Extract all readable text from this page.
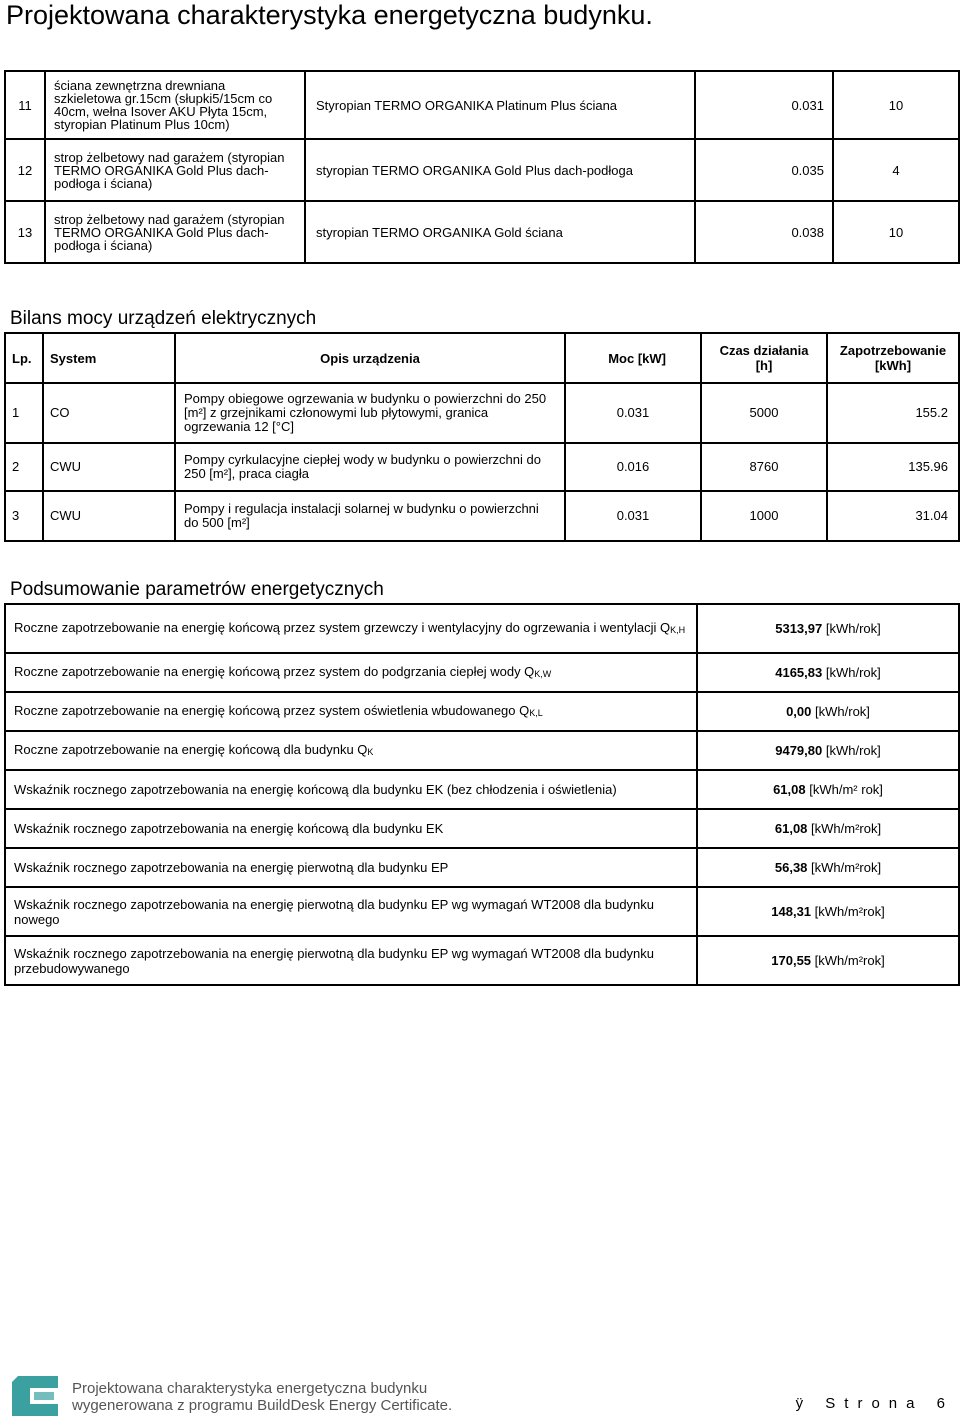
Projektowana charakterystyka energetyczna budynku.
11	ściana zewnętrzna drewniana szkieletowa gr.15cm (słupki5/15cm co 40cm, wełna Isover AKU Płyta 15cm, styropian Platinum Plus 10cm)	Styropian TERMO ORGANIKA Platinum Plus ściana	0.031	10
12	strop żelbetowy nad garażem (styropian TERMO ORGANIKA Gold Plus dach-podłoga i ściana)	styropian TERMO ORGANIKA Gold Plus dach-podłoga	0.035	4
13	strop żelbetowy nad garażem (styropian TERMO ORGANIKA Gold Plus dach-podłoga i ściana)	styropian TERMO ORGANIKA Gold ściana	0.038	10
Bilans mocy urządzeń elektrycznych
Lp.	System	Opis urządzenia	Moc [kW]	Czas działania [h]	Zapotrzebowanie [kWh]
1	CO	Pompy obiegowe ogrzewania w budynku o powierzchni do 250 [m²] z grzejnikami członowymi lub płytowymi, granica ogrzewania 12 [°C]	0.031	5000	155.2
2	CWU	Pompy cyrkulacyjne ciepłej wody w budynku o powierzchni do 250 [m²], praca ciagła	0.016	8760	135.96
3	CWU	Pompy i regulacja instalacji solarnej w budynku o powierzchni do 500 [m²]	0.031	1000	31.04
Podsumowanie parametrów energetycznych
Roczne zapotrzebowanie na energię końcową przez system grzewczy i wentylacyjny do ogrzewania i wentylacji $Q_{K,H}$	5313,97 [kWh/rok]
Roczne zapotrzebowanie na energię końcową przez system do podgrzania ciepłej wody $Q_{K,W}$	4165,83 [kWh/rok]
Roczne zapotrzebowanie na energię końcową przez system oświetlenia wbudowanego $Q_{K,L}$	0,00 [kWh/rok]
Roczne zapotrzebowanie na energię końcową dla budynku $Q_K$	9479,80 [kWh/rok]
Wskaźnik rocznego zapotrzebowania na energię końcową dla budynku EK (bez chłodzenia i oświetlenia)	61,08 [kWh/m² rok]
Wskaźnik rocznego zapotrzebowania na energię końcową dla budynku EK	61,08 [kWh/m²rok]
Wskaźnik rocznego zapotrzebowania na energię pierwotną dla budynku EP	56,38 [kWh/m²rok]
Wskaźnik rocznego zapotrzebowania na energię pierwotną dla budynku EP wg wymagań WT2008 dla budynku nowego	148,31 [kWh/m²rok]
Wskaźnik rocznego zapotrzebowania na energię pierwotną dla budynku EP wg wymagań WT2008 dla budynku przebudowywanego	170,55 [kWh/m²rok]
Projektowana charakterystyka energetyczna budynku
wygenerowana z programu BuildDesk Energy Certificate.	ÿ Strona 6
